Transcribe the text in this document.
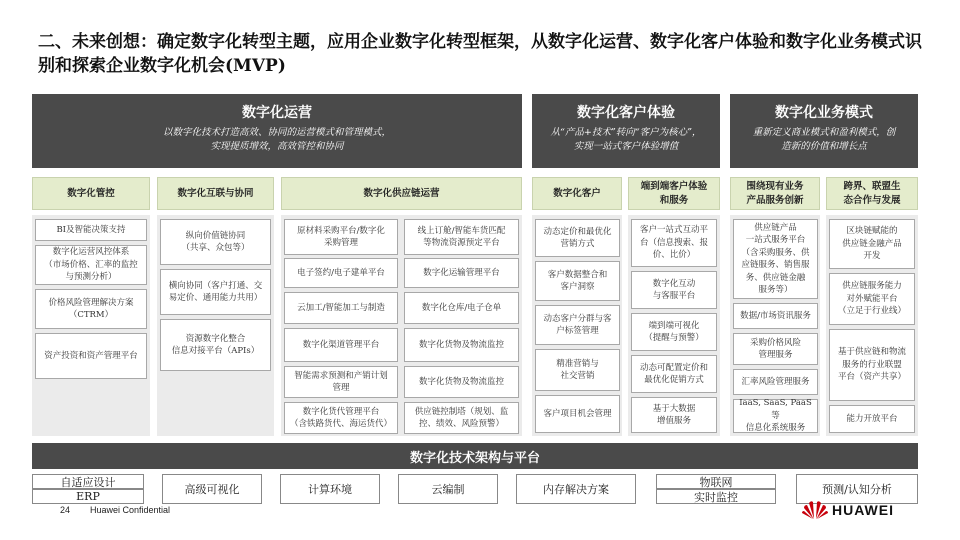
二、未来创想：确定数字化转型主题，应用企业数字化转型框架，从数字化运营、数字化客户体验和数字化业务模式识别和探索企业数字化机会(MVP)
数字化运营
以数字化技术打造高效、协同的运营模式和管理模式，
实现提质增效，高效管控和协同
数字化客户体验
从“产品+技术”转向“客户为核心”，
实现一站式客户体验增值
数字化业务模式
重新定义商业模式和盈利模式，创
造新的价值和增长点
数字化管控	数字化互联与协同	数字化供应链运营	数字化客户
端到端客户体验
和服务
围绕现有业务
产品服务创新
跨界、联盟生
态合作与发展
BI及智能决策支持
数字化运营风控体系
（市场价格、汇率的监控
与预测分析）
价格风险管理解决方案
（CTRM）
资产投资和资产管理平台
纵向价值链协同
（共享、众包等）
横向协同（客户打通、交
易定价、通用能力共用）
资源数字化整合
信息对接平台（APIs）
原材料采购平台/数字化
采购管理
电子签约/电子建单平台
云加工/智能加工与制造
数字化渠道管理平台
智能需求预测和产销计划
管理
数字化货代管理平台
（含铁路货代、海运货代）
线上订舱/智能车货匹配
等物流资源预定平台
数字化运输管理平台
数字化仓库/电子仓单
数字化货物及物流监控
数字化货物及物流监控
供应链控制塔（规划、监
控、绩效、风险预警）
动态定价和最优化
营销方式
客户数据整合和
客户洞察
动态客户分群与客
户标签管理
精准营销与
社交营销
客户项目机会管理
客户一站式互动平
台（信息搜索、报
价、比价）
数字化互动
与客服平台
端到端可视化
（提醒与预警）
动态可配置定价和
最优化促销方式
基于大数据
增值服务
供应链产品
一站式服务平台
（含采购服务、供
应链服务、销售服
务、供应链金融
服务等）
数据/市场资讯服务
采购价格风险
管理服务
汇率风险管理服务
IaaS, SaaS, PaaS等
信息化系统服务
区块链赋能的
供应链金融产品
开发
供应链服务能力
对外赋能平台
（立足于行业线）
基于供应链和物流
服务的行业联盟
平台（资产共享）
能力开放平台
数字化技术架构与平台
自适应设计
ERP
高级可视化	计算环境	云编制	内存解决方案
物联网
实时监控
预测/认知分析
24 Huawei Confidential	HUAWEI
